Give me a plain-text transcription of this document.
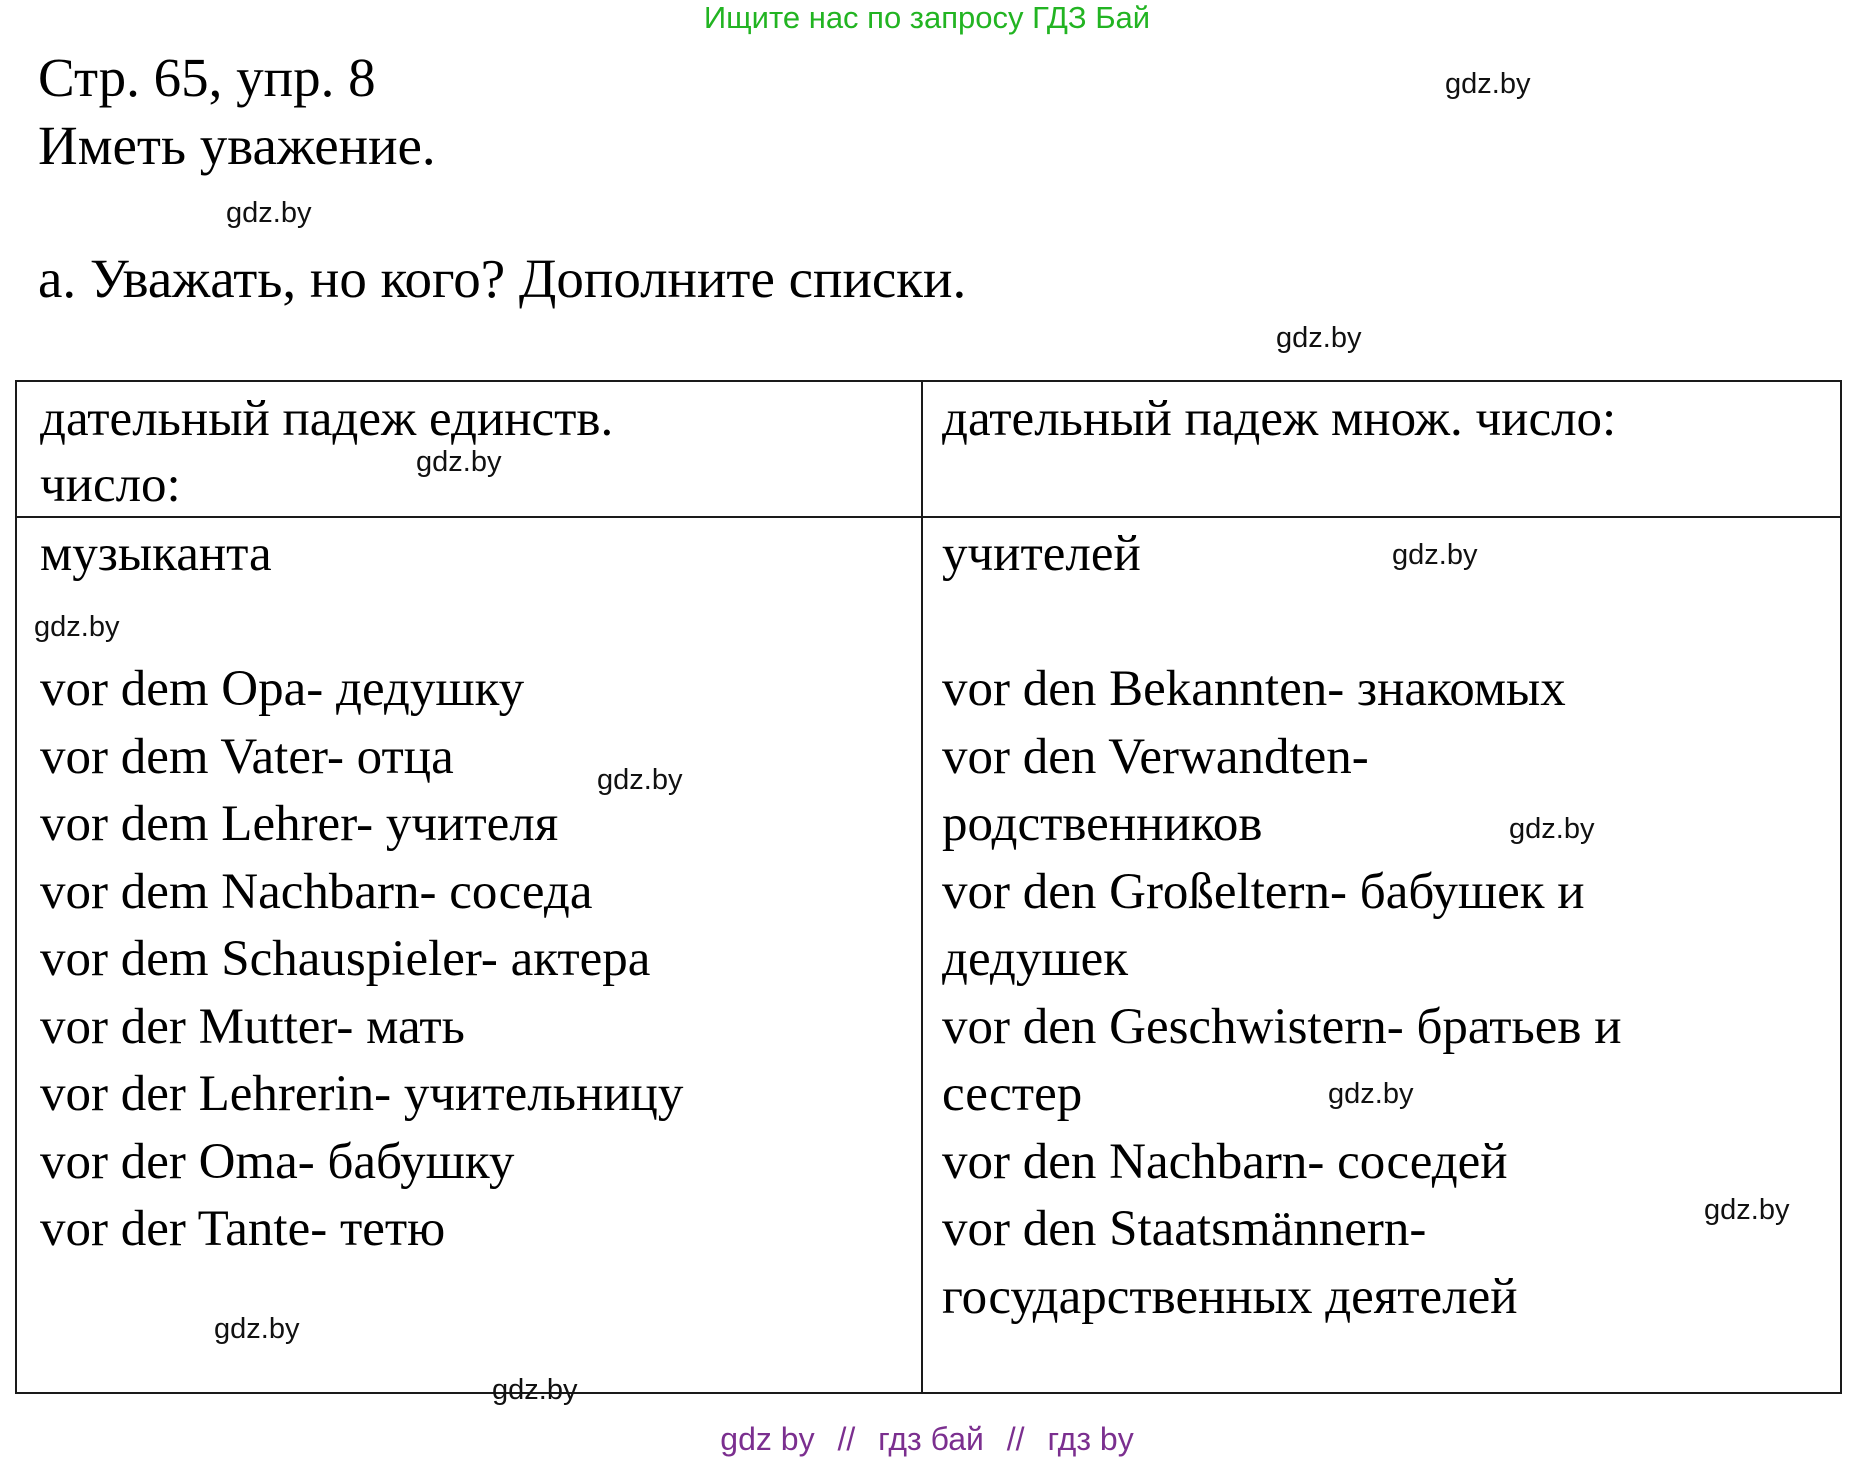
Ищите нас по запросу ГДЗ Бай
Стр. 65, упр. 8
Иметь уважение.
а. Уважать, но кого? Дополните списки.
дательный падеж единств.
число:
дательный падеж множ. число:
музыканта
vor dem Opa- дедушку
vor dem Vater- отца
vor dem Lehrer- учителя
vor dem Nachbarn- соседа
vor dem Schauspieler- актера
vor der Mutter- мать
vor der Lehrerin- учительницу
vor der Oma- бабушку
vor der Tante- тетю
учителей
vor den Bekannten- знакомых
vor den Verwandten-
родственников
vor den Großeltern- бабушек и
дедушек
vor den Geschwistern- братьев и
сестер
vor den Nachbarn- соседей
vor den Staatsmännern-
государственных деятелей
gdz.by
gdz.by
gdz.by
gdz.by
gdz.by
gdz.by
gdz.by
gdz.by
gdz.by
gdz.by
gdz.by
gdz.by
gdz by // гдз бай // гдз by
